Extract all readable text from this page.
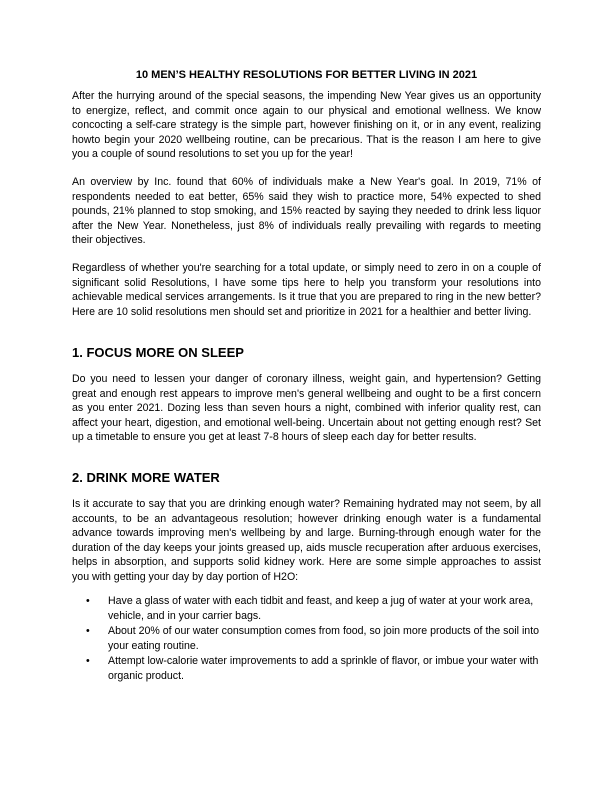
10 MEN’S HEALTHY RESOLUTIONS FOR BETTER LIVING IN 2021

After the hurrying around of the special seasons, the impending New Year gives us an opportunity to energize, reflect, and commit once again to our physical and emotional wellness. We know concocting a self-care strategy is the simple part, however finishing on it, or in any event, realizing howto begin your 2020 wellbeing routine, can be precarious. That is the reason I am here to give you a couple of sound resolutions to set you up for the year!

An overview by Inc. found that 60% of individuals make a New Year's goal. In 2019, 71% of respondents needed to eat better, 65% said they wish to practice more, 54% expected to shed pounds, 21% planned to stop smoking, and 15% reacted by saying they needed to drink less liquor after the New Year. Nonetheless, just 8% of individuals really prevailing with regards to meeting their objectives.

Regardless of whether you're searching for a total update, or simply need to zero in on a couple of significant solid Resolutions, I have some tips here to help you transform your resolutions into achievable medical services arrangements. Is it true that you are prepared to ring in the new better? Here are 10 solid resolutions men should set and prioritize in 2021 for a healthier and better living.

1. FOCUS MORE ON SLEEP

Do you need to lessen your danger of coronary illness, weight gain, and hypertension? Getting great and enough rest appears to improve men's general wellbeing and ought to be a first concern as you enter 2021. Dozing less than seven hours a night, combined with inferior quality rest, can affect your heart, digestion, and emotional well-being. Uncertain about not getting enough rest? Set up a timetable to ensure you get at least 7-8 hours of sleep each day for better results.

2. DRINK MORE WATER

Is it accurate to say that you are drinking enough water? Remaining hydrated may not seem, by all accounts, to be an advantageous resolution; however drinking enough water is a fundamental advance towards improving men's wellbeing by and large. Burning-through enough water for the duration of the day keeps your joints greased up, aids muscle recuperation after arduous exercises, helps in absorption, and supports solid kidney work. Here are some simple approaches to assist you with getting your day by day portion of H2O:

• Have a glass of water with each tidbit and feast, and keep a jug of water at your work area, vehicle, and in your carrier bags.
• About 20% of our water consumption comes from food, so join more products of the soil into your eating routine.
• Attempt low-calorie water improvements to add a sprinkle of flavor, or imbue your water with organic product.
